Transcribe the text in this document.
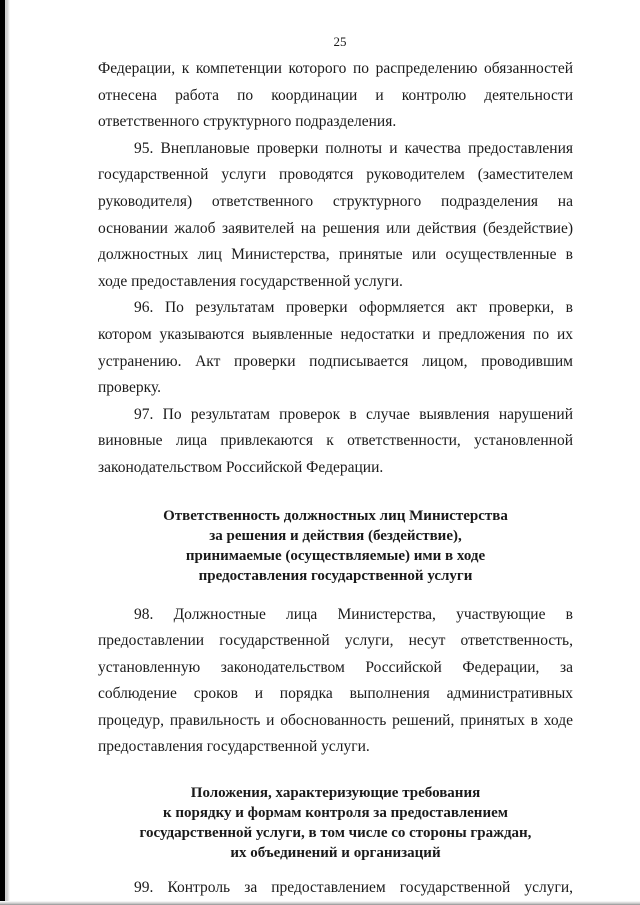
25

Федерации, к компетенции которого по распределению обязанностей отнесена работа по координации и контролю деятельности ответственного структурного подразделения.

95. Внеплановые проверки полноты и качества предоставления государственной услуги проводятся руководителем (заместителем руководителя) ответственного структурного подразделения на основании жалоб заявителей на решения или действия (бездействие) должностных лиц Министерства, принятые или осуществленные в ходе предоставления государственной услуги.

96. По результатам проверки оформляется акт проверки, в котором указываются выявленные недостатки и предложения по их устранению. Акт проверки подписывается лицом, проводившим проверку.

97. По результатам проверок в случае выявления нарушений виновные лица привлекаются к ответственности, установленной законодательством Российской Федерации.

Ответственность должностных лиц Министерства
за решения и действия (бездействие),
принимаемые (осуществляемые) ими в ходе
предоставления государственной услуги

98. Должностные лица Министерства, участвующие в предоставлении государственной услуги, несут ответственность, установленную законодательством Российской Федерации, за соблюдение сроков и порядка выполнения административных процедур, правильность и обоснованность решений, принятых в ходе предоставления государственной услуги.

Положения, характеризующие требования
к порядку и формам контроля за предоставлением
государственной услуги, в том числе со стороны граждан,
их объединений и организаций

99. Контроль за предоставлением государственной услуги,
